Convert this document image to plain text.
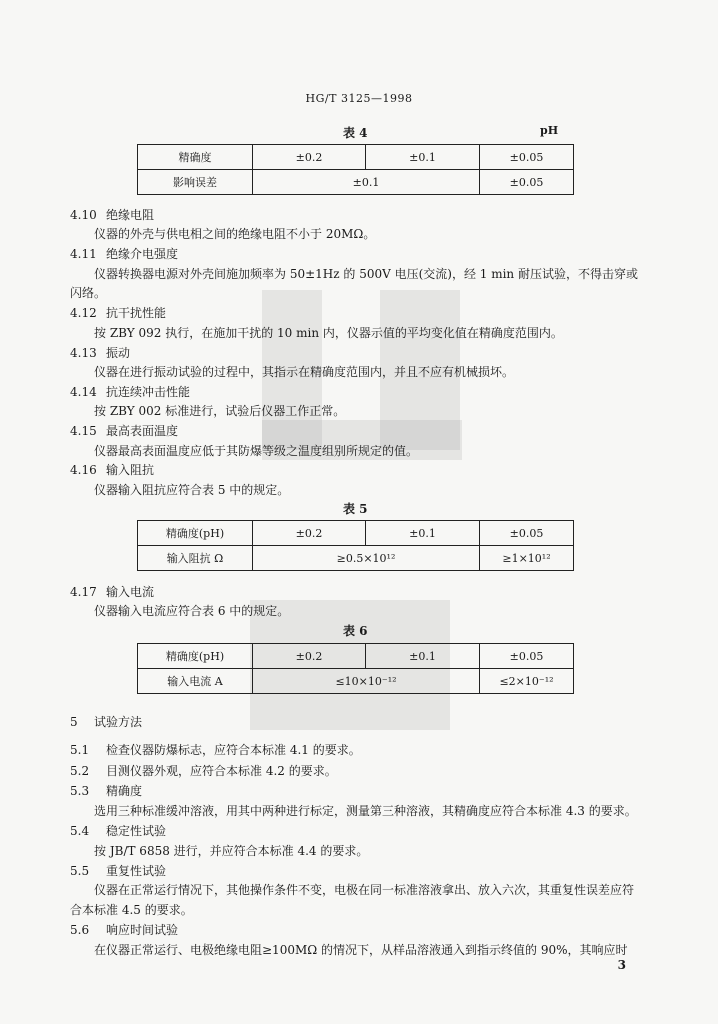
HG/T 3125—1998
表 4	pH
精确度	±0.2	±0.1	±0.05
影响误差	±0.1		±0.05
4.10 绝缘电阻
仪器的外壳与供电相之间的绝缘电阻不小于 20MΩ。
4.11 绝缘介电强度
仪器转换器电源对外壳间施加频率为 50±1Hz 的 500V 电压(交流)，经 1 min 耐压试验，不得击穿或
闪络。
4.12 抗干扰性能
按 ZBY 092 执行，在施加干扰的 10 min 内，仪器示值的平均变化值在精确度范围内。
4.13 振动
仪器在进行振动试验的过程中，其指示在精确度范围内，并且不应有机械损坏。
4.14 抗连续冲击性能
按 ZBY 002 标准进行，试验后仪器工作正常。
4.15 最高表面温度
仪器最高表面温度应低于其防爆等级之温度组别所规定的值。
4.16 输入阻抗
仪器输入阻抗应符合表 5 中的规定。
表 5
精确度(pH)	±0.2	±0.1	±0.05
输入阻抗 Ω	≥0.5×10¹²		≥1×10¹²
4.17 输入电流
仪器输入电流应符合表 6 中的规定。
表 6
精确度(pH)	±0.2	±0.1	±0.05
输入电流 A	≤10×10⁻¹²		≤2×10⁻¹²
5 试验方法
5.1 检查仪器防爆标志，应符合本标准 4.1 的要求。
5.2 目测仪器外观，应符合本标准 4.2 的要求。
5.3 精确度
选用三种标准缓冲溶液，用其中两种进行标定，测量第三种溶液，其精确度应符合本标准 4.3 的要求。
5.4 稳定性试验
按 JB/T 6858 进行，并应符合本标准 4.4 的要求。
5.5 重复性试验
仪器在正常运行情况下，其他操作条件不变，电极在同一标准溶液拿出、放入六次，其重复性误差应符
合本标准 4.5 的要求。
5.6 响应时间试验
在仪器正常运行、电极绝缘电阻≥100MΩ 的情况下，从样品溶液通入到指示终值的 90%，其响应时
3
